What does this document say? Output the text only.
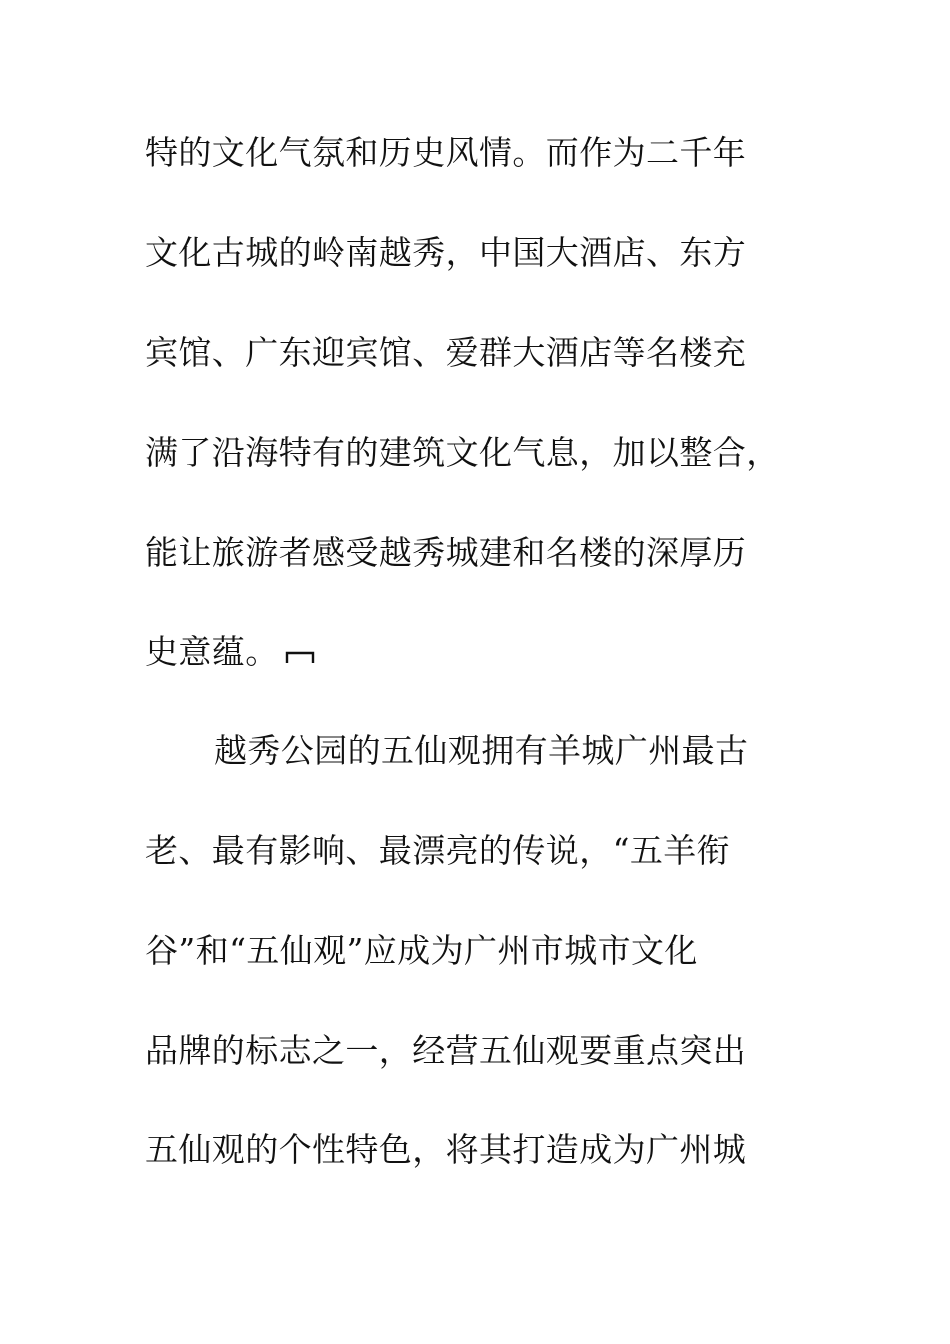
特的文化气氛和历史风情。而作为二千年
文化古城的岭南越秀，中国大酒店、东方
宾馆、广东迎宾馆、爱群大酒店等名楼充
满了沿海特有的建筑文化气息，加以整合，
能让旅游者感受越秀城建和名楼的深厚历
史意蕴。
越秀公园的五仙观拥有羊城广州最古
老、最有影响、最漂亮的传说，“五羊衔
谷”和“五仙观”应成为广州市城市文化
品牌的标志之一，经营五仙观要重点突出
五仙观的个性特色，将其打造成为广州城
